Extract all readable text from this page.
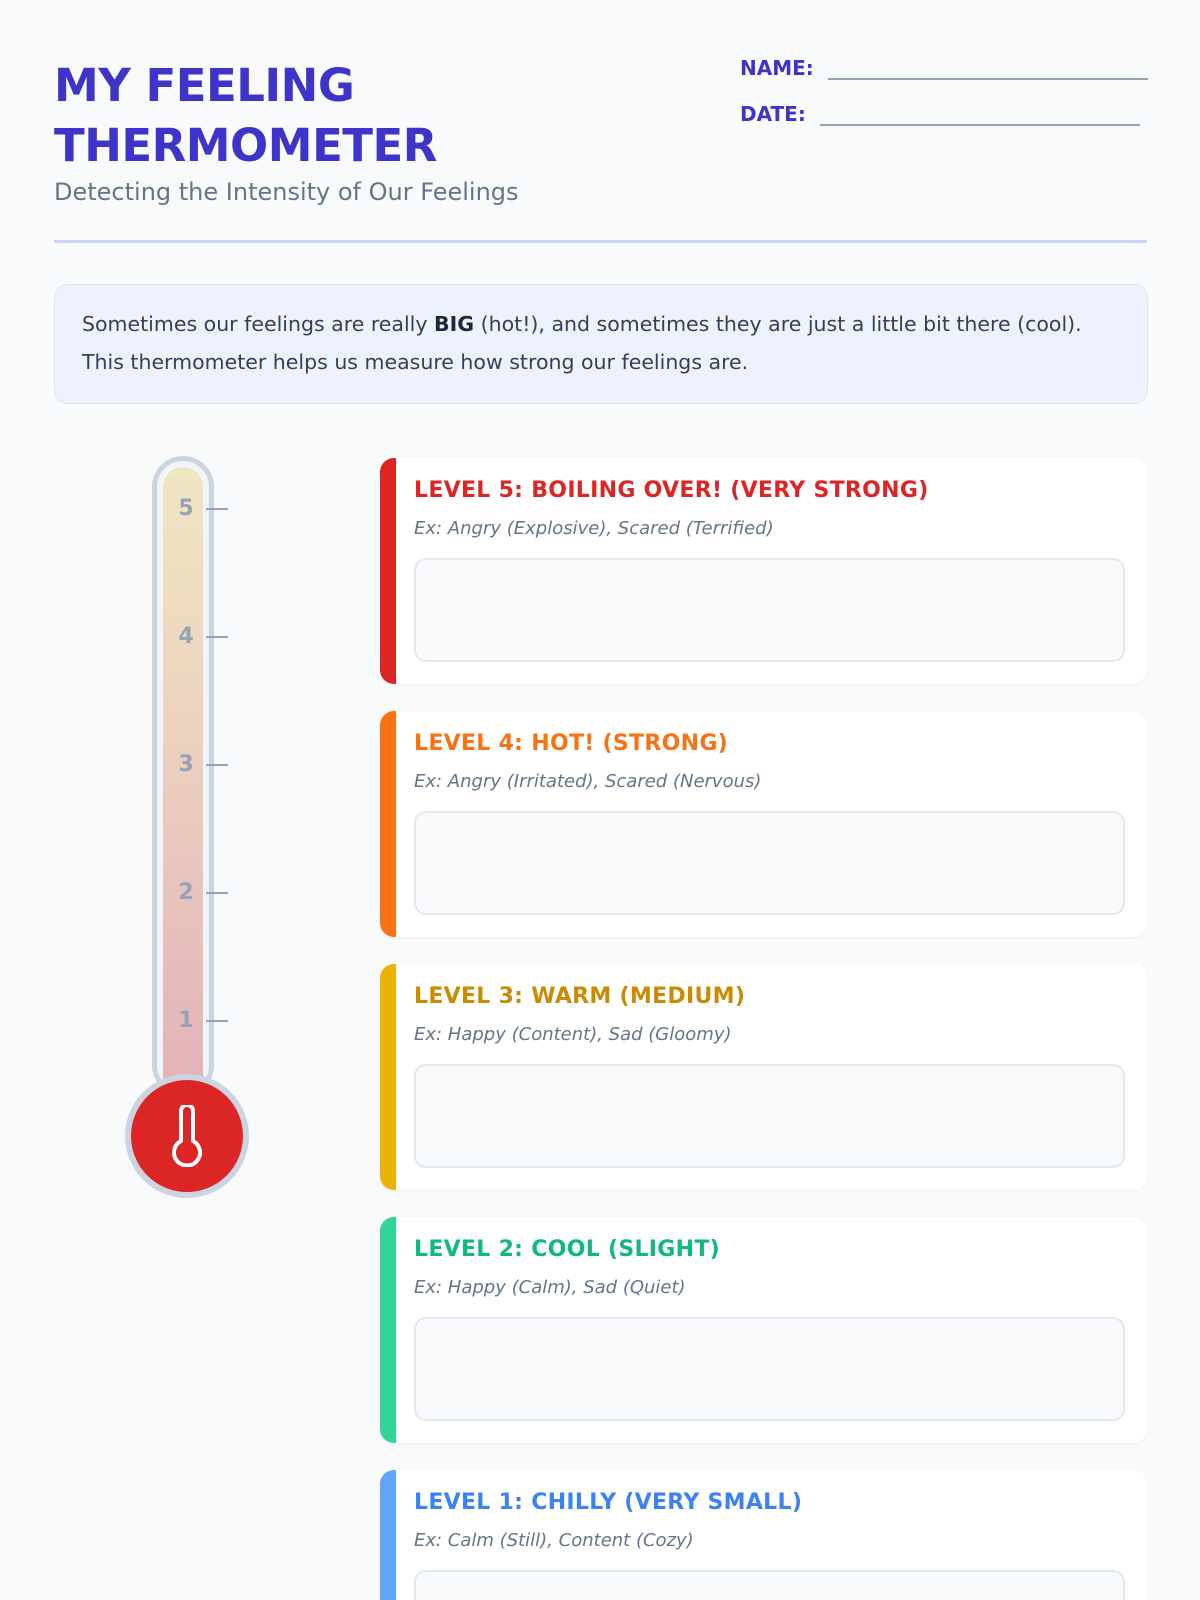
MY FEELING
THERMOMETER

Detecting the Intensity of Our Feelings

NAME:
DATE:
Sometimes our feelings are really BIG (hot!), and sometimes they are just a little bit there (cool). This thermometer helps us measure how strong our feelings are.
5
4
3
2
1
LEVEL 5: BOILING OVER! (VERY STRONG)
Ex: Angry (Explosive), Scared (Terrified)
LEVEL 4: HOT! (STRONG)
Ex: Angry (Irritated), Scared (Nervous)
LEVEL 3: WARM (MEDIUM)
Ex: Happy (Content), Sad (Gloomy)
LEVEL 2: COOL (SLIGHT)
Ex: Happy (Calm), Sad (Quiet)
LEVEL 1: CHILLY (VERY SMALL)
Ex: Calm (Still), Content (Cozy)
